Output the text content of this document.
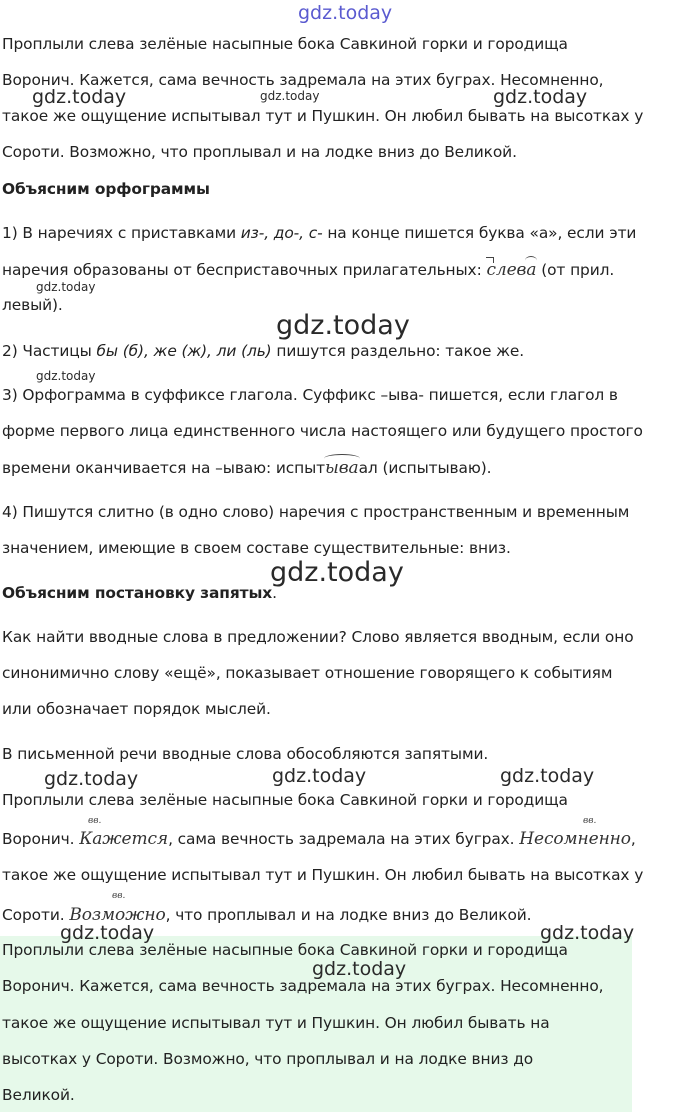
gdz.today
Проплыли слева зелёные насыпные бока Савкиной горки и городища
Воронич. Кажется, сама вечность задремала на этих буграх. Несомненно,
такое же ощущение испытывал тут и Пушкин. Он любил бывать на высотках у
Сороти. Возможно, что проплывал и на лодке вниз до Великой.
Объясним орфограммы
1) В наречиях с приставками из-, до-, с- на конце пишется буква «а», если эти
наречия образованы от бесприставочных прилагательных:
слев
а (от прил.
левый).
2) Частицы бы (б), же (ж), ли (ль) пишутся раздельно: такое же.
3) Орфограмма в суффиксе глагола. Суффикс –ыва- пишется, если глагол в
форме первого лица единственного числа настоящего или будущего простого
времени оканчивается на –ываю: испыт
ываал (испытываю).
4) Пишутся слитно (в одно слово) наречия с пространственным и временным
значением, имеющие в своем составе существительные: вниз.
Объясним постановку запятых.
Как найти вводные слова в предложении? Слово является вводным, если оно
синонимично слову «ещё», показывает отношение говорящего к событиям
или обозначает порядок мыслей.
В письменной речи вводные слова обособляются запятыми.
Проплыли слева зелёные насыпные бока Савкиной горки и городища
Воронич. Кажется, сама вечность задремала на этих буграх. Несомненно,
такое же ощущение испытывал тут и Пушкин. Он любил бывать на высотках у
Сороти. Возможно, что проплывал и на лодке вниз до Великой.
вв.	вв.
вв.
Проплыли слева зелёные насыпные бока Савкиной горки и городища
Воронич. Кажется, сама вечность задремала на этих буграх. Несомненно,
такое же ощущение испытывал тут и Пушкин. Он любил бывать на
высотках у Сороти. Возможно, что проплывал и на лодке вниз до
Великой.
gdz.today	gdz.today	gdz.today
gdz.today
gdz.today
gdz.today
gdz.today
gdz.today	gdz.today	gdz.today
gdz.today	gdz.today
gdz.today
